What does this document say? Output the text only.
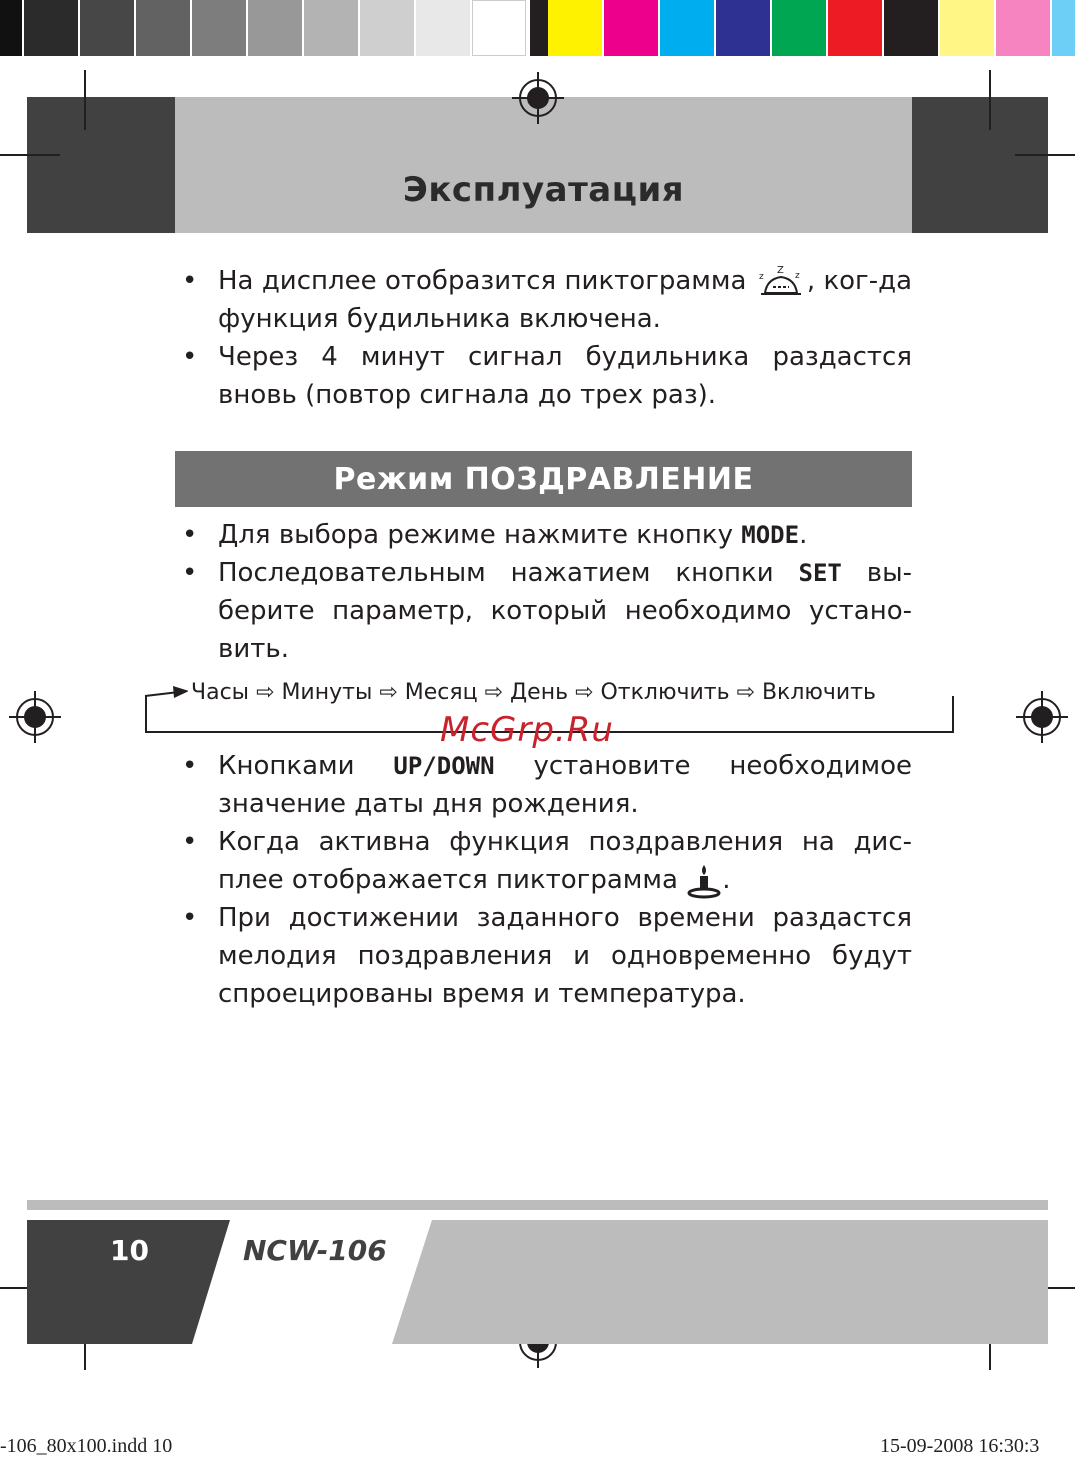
Эксплуатация
• На дисплее отобразится пиктограмма z
Z z , ког-да функция будильника включена.
• Через 4 минут сигнал будильника раздастся вновь (повтор сигнала до трех раз).
Режим ПОЗДРАВЛЕНИЕ
• Для выбора режиме нажмите кнопку MODE.
• Последовательным нажатием кнопки SET вы-берите параметр, который необходимо устано-вить.
Часы ⇨ Минуты ⇨ Месяц ⇨ День ⇨ Отключить ⇨ Включить
McGrp.Ru
• Кнопками UP/DOWN установите необходимое значение даты дня рождения.
• Когда активна функция поздравления на дис-плее отображается пиктограмма .
• При достижении заданного времени раздастся мелодия поздравления и одновременно будут спроецированы время и температура.
10	NCW-106
-106_80x100.indd 10	15-09-2008 16:30:3
